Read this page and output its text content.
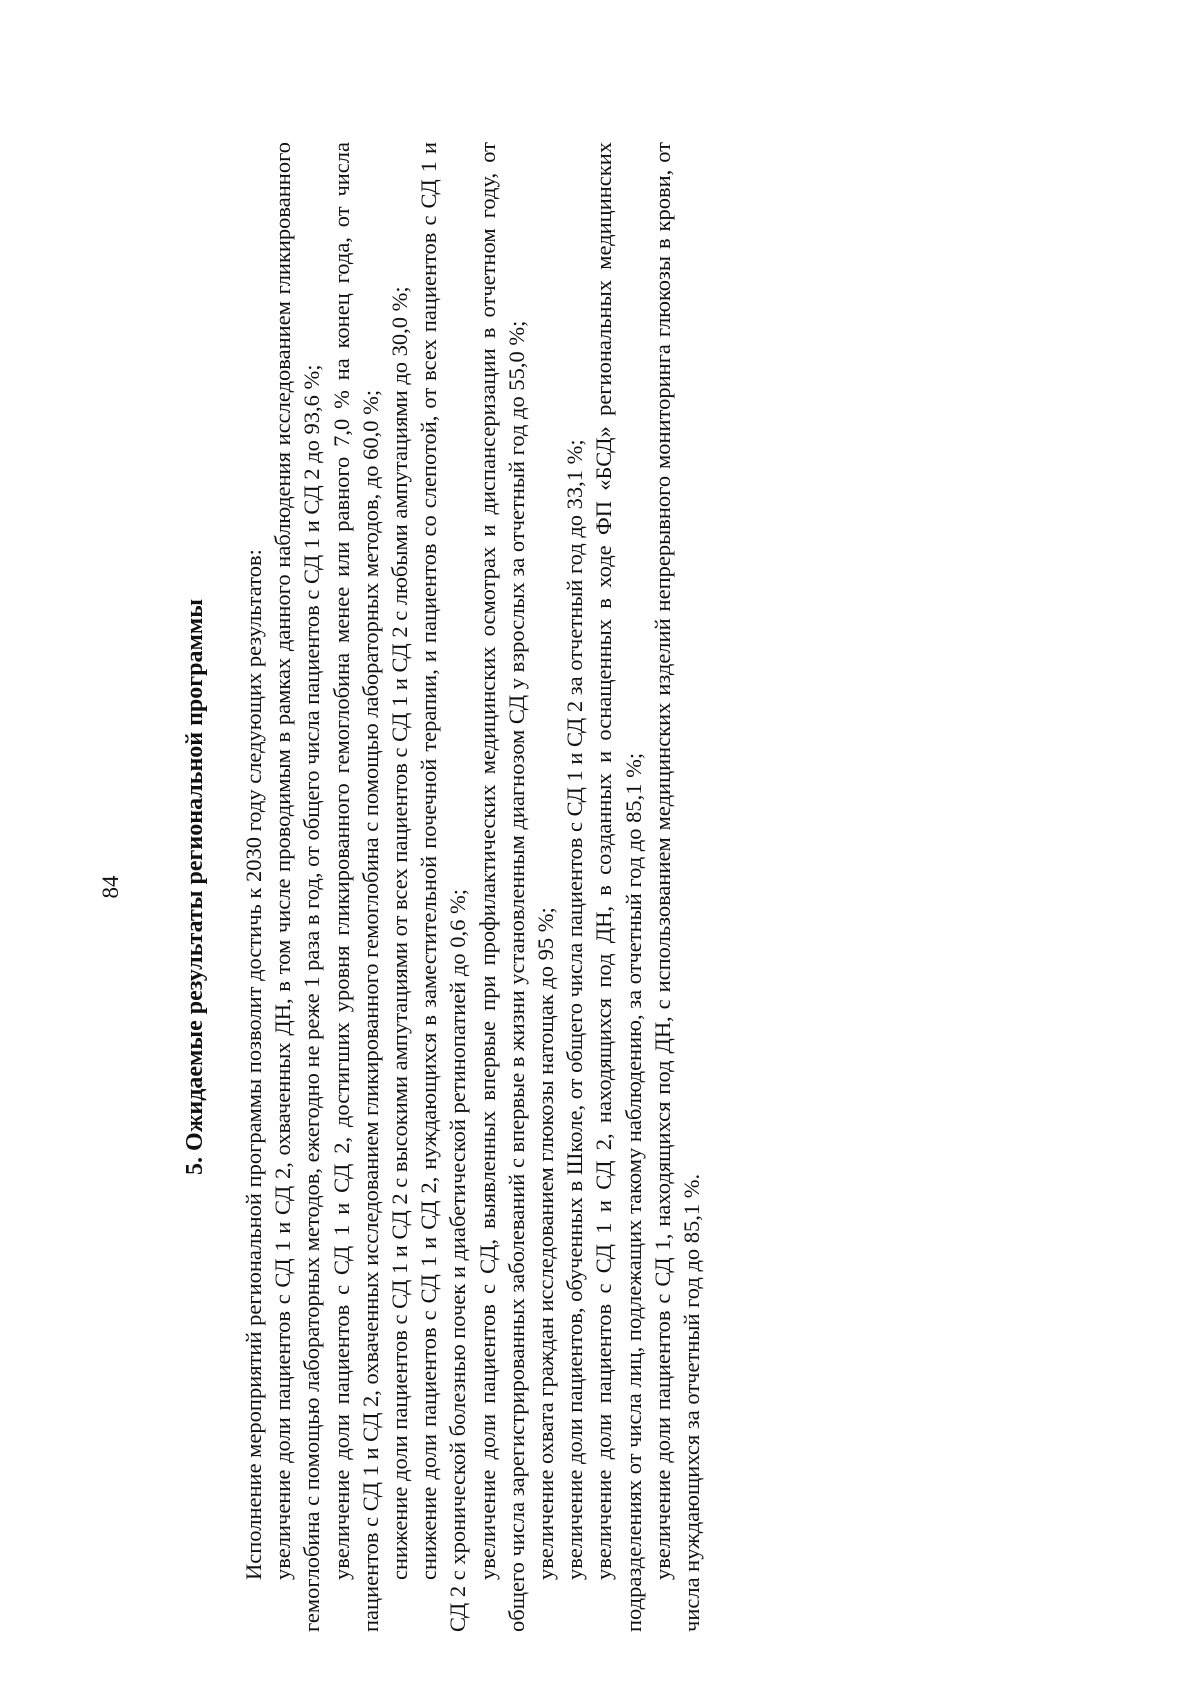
84 5. Ожидаемые результаты региональной программы Исполнение мероприятий региональной программы позволит достичь к 2030 году следующих результатов: увеличение доли пациентов с СД 1 и СД 2, охваченных ДН, в том числе проводимым в рамках данного наблюдения исследованием гликированного гемоглобина с помощью лабораторных методов, ежегодно не реже 1 раза в год, от общего числа пациентов с СД 1 и СД 2 до 93,6 %; увеличение доли пациентов с СД 1 и СД 2, достигших уровня гликированного гемоглобина менее или равного 7,0 % на конец года, от числа пациентов с СД 1 и СД 2, охваченных исследованием гликированного гемоглобина с помощью лабораторных методов, до 60,0 %; снижение доли пациентов с СД 1 и СД 2 с высокими ампутациями от всех пациентов с СД 1 и СД 2 с любыми ампутациями до 30,0 %; снижение доли пациентов с СД 1 и СД 2, нуждающихся в заместительной почечной терапии, и пациентов со слепотой, от всех пациентов с СД 1 и СД 2 с хронической болезнью почек и диабетической ретинопатией до 0,6 %; увеличение доли пациентов с СД, выявленных впервые при профилактических медицинских осмотрах и диспансеризации в отчетном году, от общего числа зарегистрированных заболеваний с впервые в жизни установленным диагнозом СД у взрослых за отчетный год до 55,0 %; увеличение охвата граждан исследованием глюкозы натощак до 95 %; увеличение доли пациентов, обученных в Школе, от общего числа пациентов с СД 1 и СД 2 за отчетный год до 33,1 %; увеличение доли пациентов с СД 1 и СД 2, находящихся под ДН, в созданных и оснащенных в ходе ФП «БСД» региональных медицинских подразделениях от числа лиц, подлежащих такому наблюдению, за отчетный год до 85,1 %; увеличение доли пациентов с СД 1, находящихся под ДН, с использованием медицинских изделий непрерывного мониторинга глюкозы в крови, от числа нуждающихся за отчетный год до 85,1 %.
